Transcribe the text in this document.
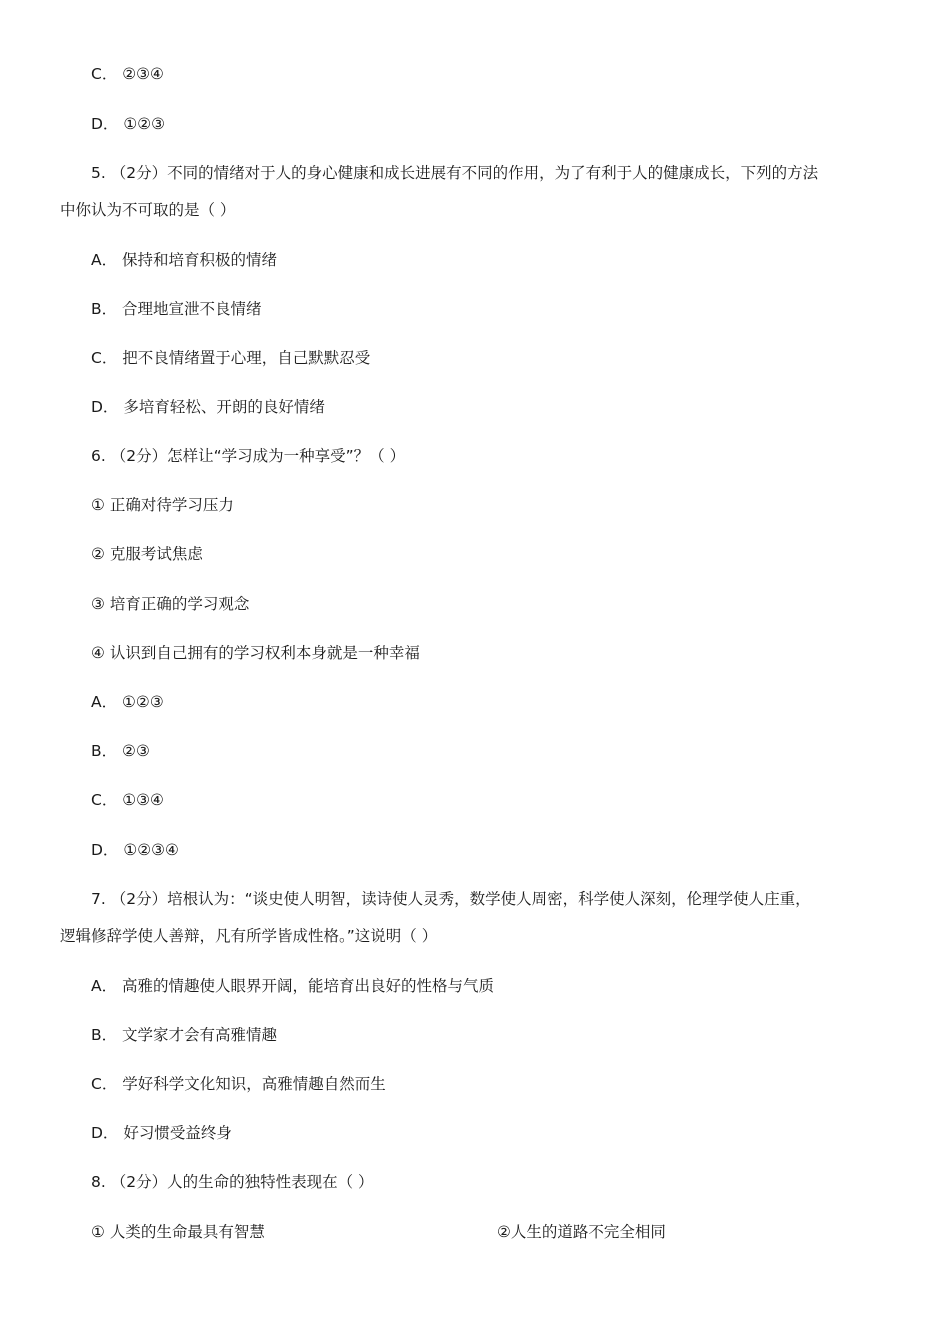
C． ②③④
D． ①②③
5. （2分）不同的情绪对于人的身心健康和成长进展有不同的作用，为了有利于人的健康成长，下列的方法
中你认为不可取的是（ ）
A． 保持和培育积极的情绪
B． 合理地宣泄不良情绪
C． 把不良情绪置于心理，自己默默忍受
D． 多培育轻松、开朗的良好情绪
6. （2分）怎样让“学习成为一种享受”？（ ）
① 正确对待学习压力
② 克服考试焦虑
③ 培育正确的学习观念
④ 认识到自己拥有的学习权利本身就是一种幸福
A． ①②③
B． ②③
C． ①③④
D． ①②③④
7. （2分）培根认为：“谈史使人明智，读诗使人灵秀，数学使人周密，科学使人深刻，伦理学使人庄重，
逻辑修辞学使人善辩，凡有所学皆成性格。”这说明（ ）
A． 高雅的情趣使人眼界开阔，能培育出良好的性格与气质
B． 文学家才会有高雅情趣
C． 学好科学文化知识，高雅情趣自然而生
D． 好习惯受益终身
8. （2分）人的生命的独特性表现在（ ）
① 人类的生命最具有智慧	②人生的道路不完全相同
